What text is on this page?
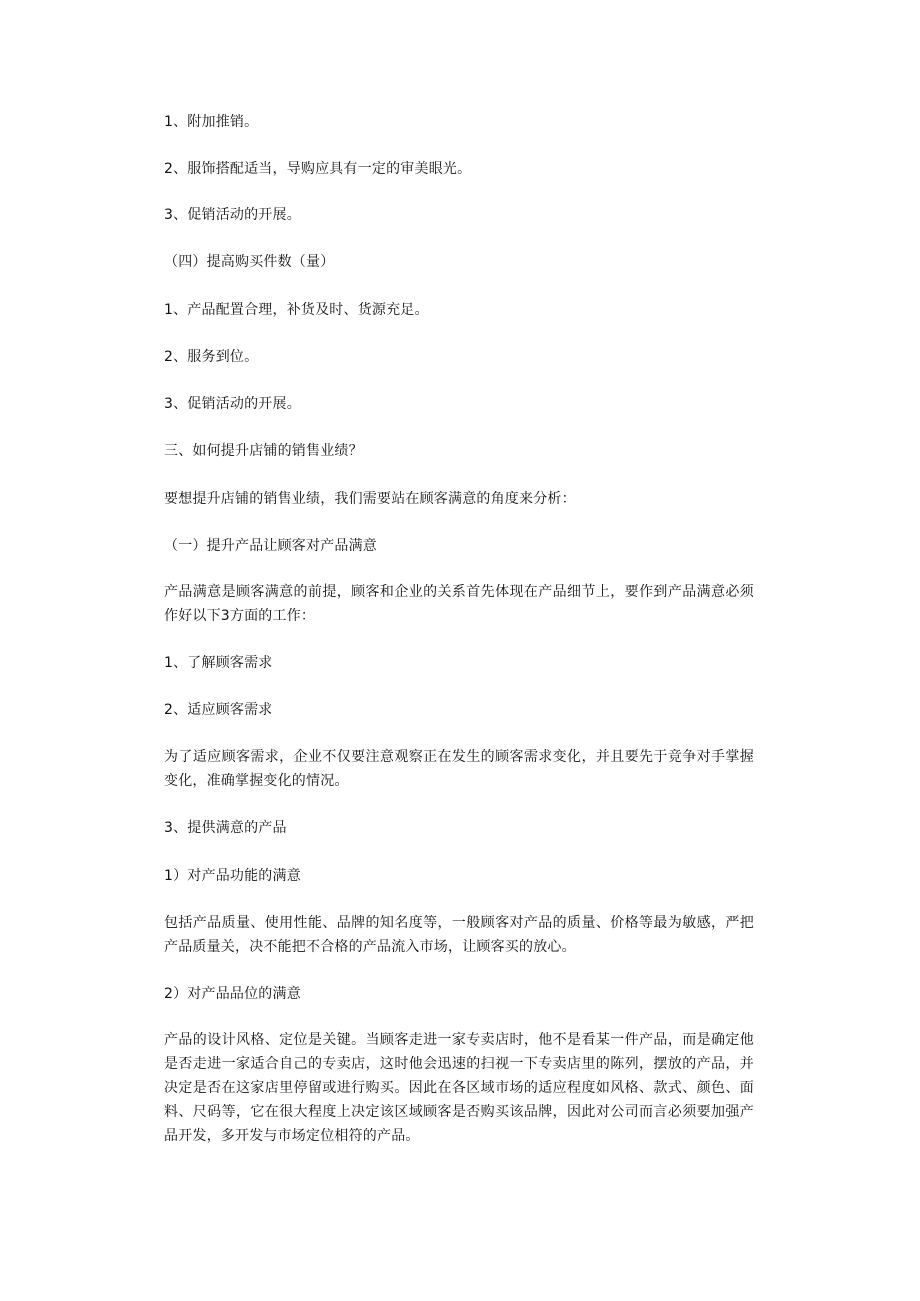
1、附加推销。

2、服饰搭配适当，导购应具有一定的审美眼光。

3、促销活动的开展。

（四）提高购买件数（量）

1、产品配置合理，补货及时、货源充足。

2、服务到位。

3、促销活动的开展。

三、如何提升店铺的销售业绩？

要想提升店铺的销售业绩，我们需要站在顾客满意的角度来分析：

（一）提升产品让顾客对产品满意

产品满意是顾客满意的前提，顾客和企业的关系首先体现在产品细节上，要作到产品满意必须作好以下3方面的工作：

1、了解顾客需求

2、适应顾客需求

为了适应顾客需求，企业不仅要注意观察正在发生的顾客需求变化，并且要先于竞争对手掌握变化，准确掌握变化的情况。

3、提供满意的产品

1）对产品功能的满意

包括产品质量、使用性能、品牌的知名度等，一般顾客对产品的质量、价格等最为敏感，严把产品质量关，决不能把不合格的产品流入市场，让顾客买的放心。

2）对产品品位的满意

产品的设计风格、定位是关键。当顾客走进一家专卖店时，他不是看某一件产品，而是确定他是否走进一家适合自己的专卖店，这时他会迅速的扫视一下专卖店里的陈列，摆放的产品，并决定是否在这家店里停留或进行购买。因此在各区域市场的适应程度如风格、款式、颜色、面料、尺码等，它在很大程度上决定该区域顾客是否购买该品牌，因此对公司而言必须要加强产品开发，多开发与市场定位相符的产品。
